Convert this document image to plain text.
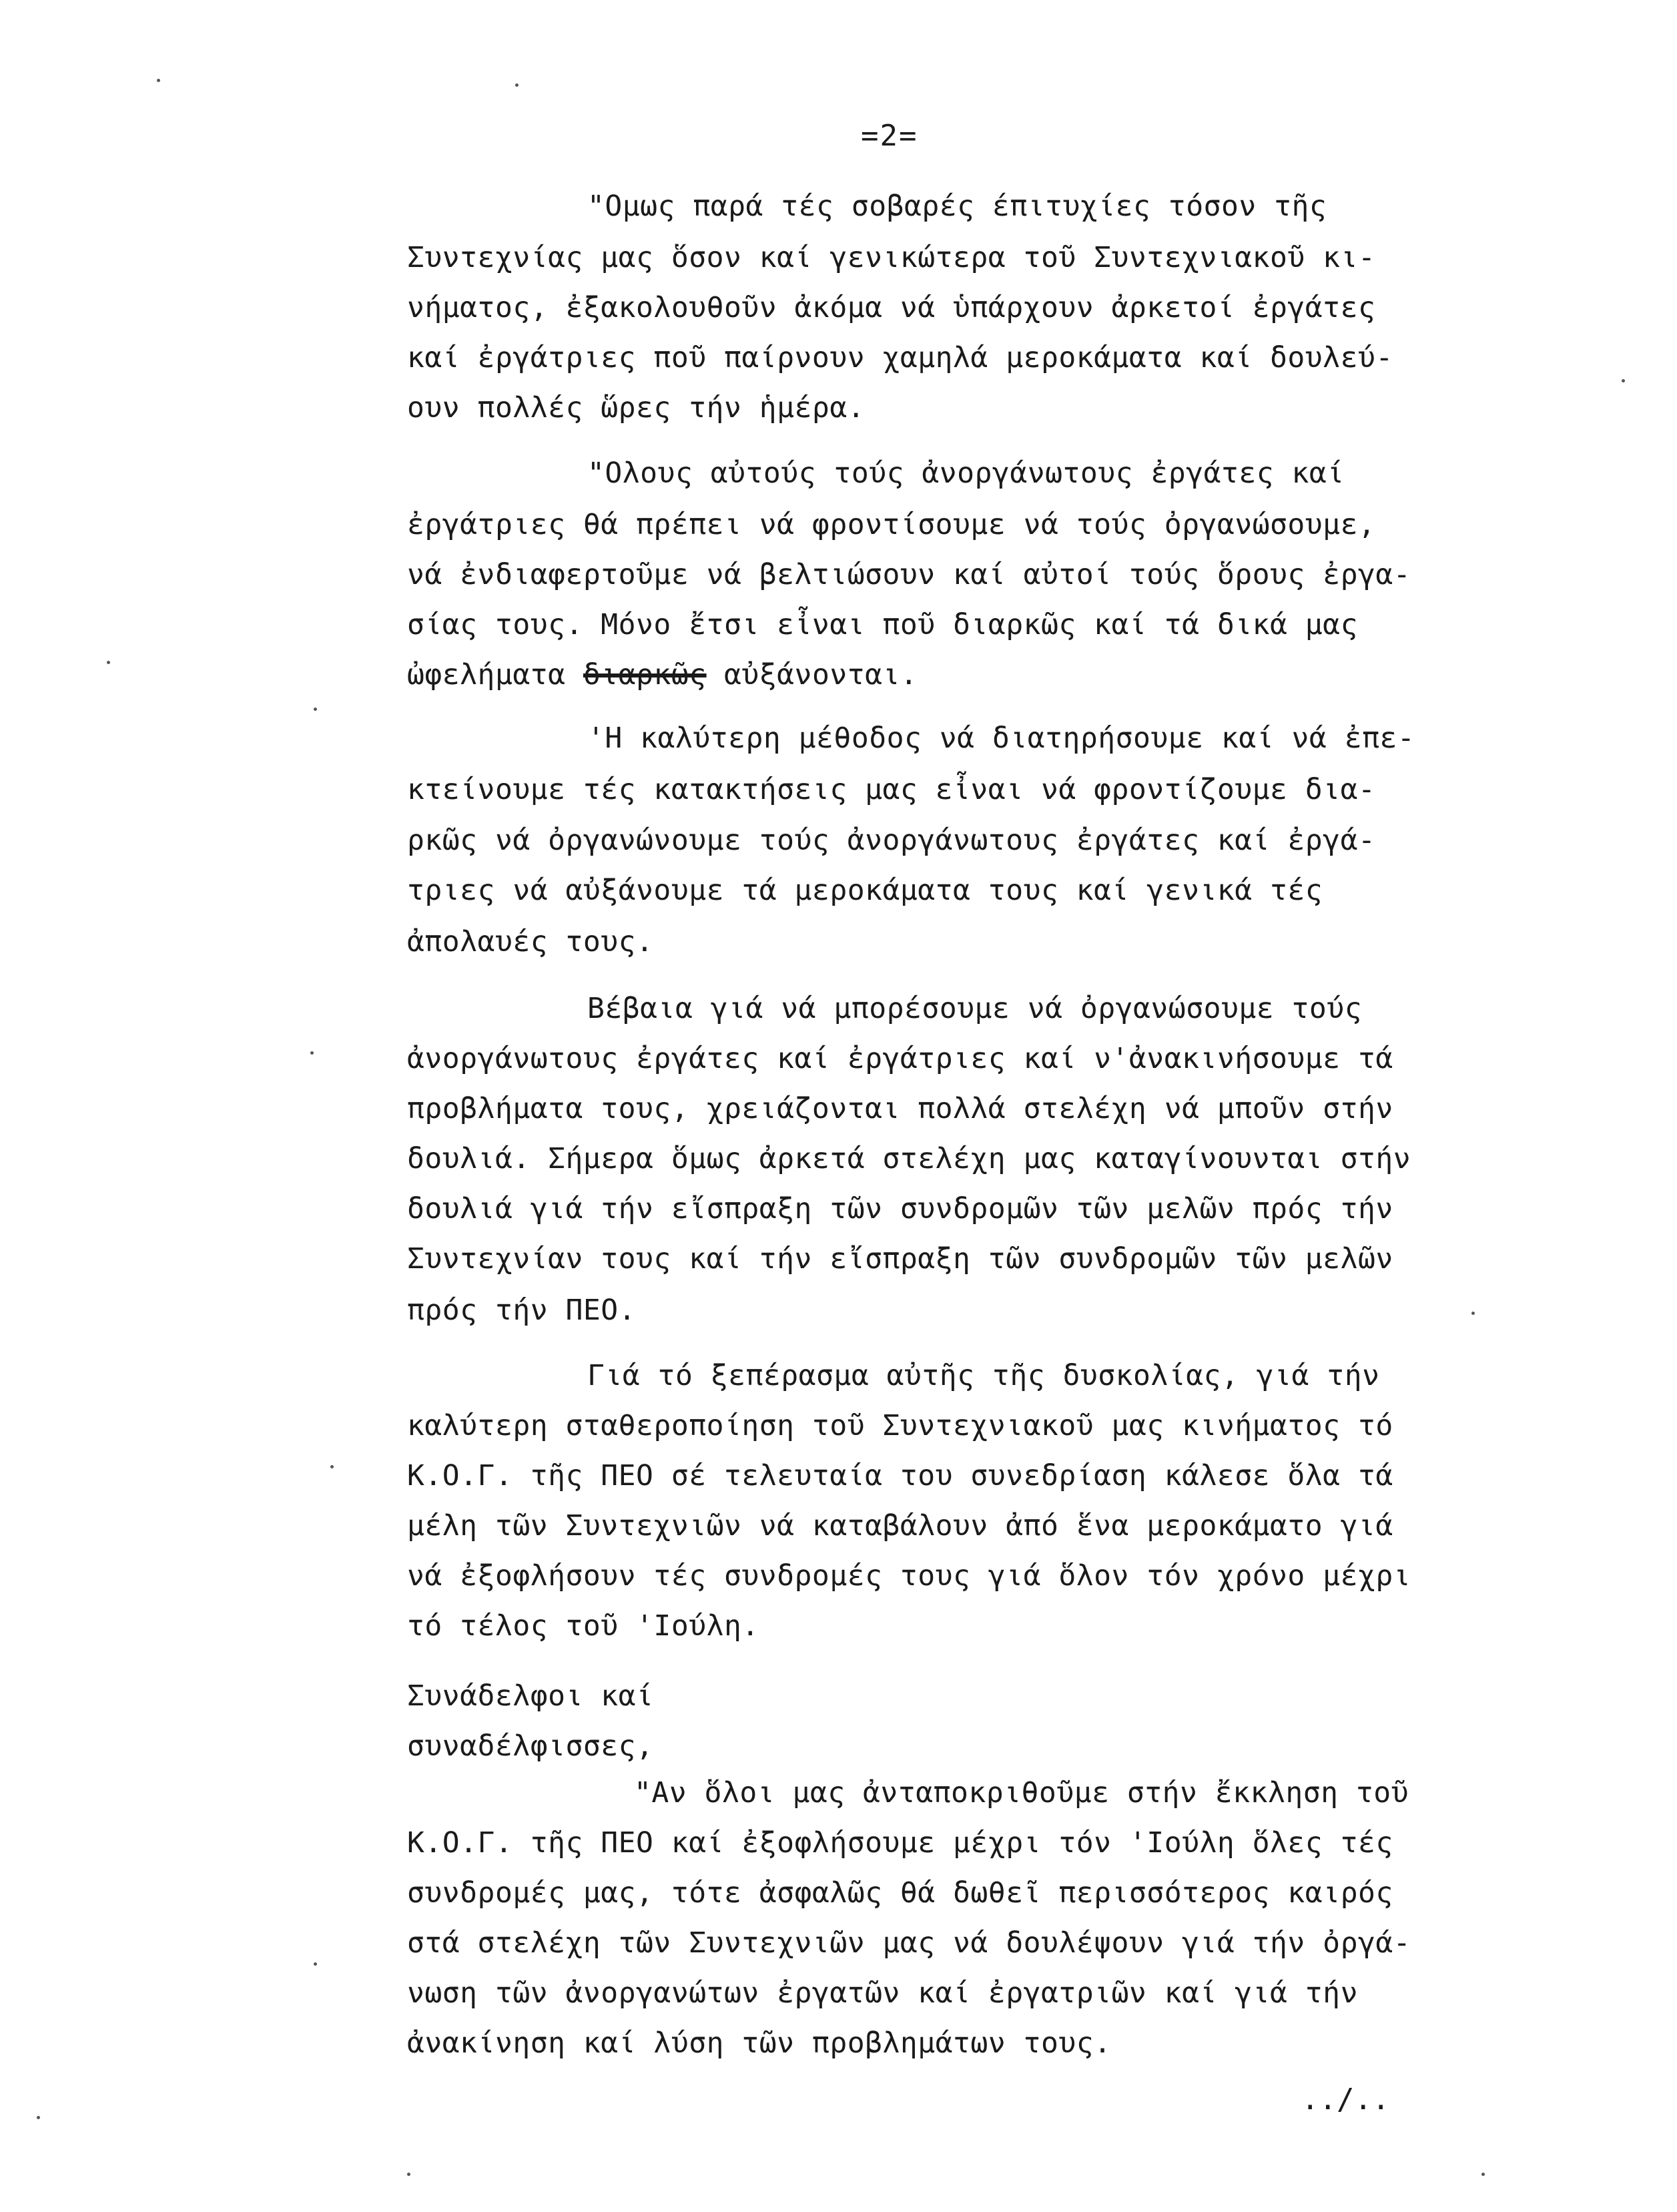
=2=
"Ομως παρά τές σοβαρές έπιτυχίες τόσον τῆς
Συντεχνίας μας ὅσον καί γενικώτερα τοῦ Συντεχνιακοῦ κι-
νήματος, ἐξακολουθοῦν ἀκόμα νά ὑπάρχουν ἀρκετοί ἐργάτες
καί ἐργάτριες ποῦ παίρνουν χαμηλά μεροκάματα καί δουλεύ-
ουν πολλές ὥρες τήν ἡμέρα.
"Ολους αὐτούς τούς ἀνοργάνωτους ἐργάτες καί
ἐργάτριες θά πρέπει νά φροντίσουμε νά τούς ὀργανώσουμε,
νά ἐνδιαφερτοῦμε νά βελτιώσουν καί αὐτοί τούς ὅρους ἐργα-
σίας τους. Μόνο ἔτσι εἶναι ποῦ διαρκῶς καί τά δικά μας
ὠφελήματα διαρκῶς αὐξάνονται.
'Η καλύτερη μέθοδος νά διατηρήσουμε καί νά ἐπε-
κτείνουμε τές κατακτήσεις μας εἶναι νά φροντίζουμε δια-
ρκῶς νά ὀργανώνουμε τούς ἀνοργάνωτους ἐργάτες καί ἐργά-
τριες νά αὐξάνουμε τά μεροκάματα τους καί γενικά τές
ἀπολαυές τους.
Βέβαια γιά νά μπορέσουμε νά ὀργανώσουμε τούς
ἀνοργάνωτους ἐργάτες καί ἐργάτριες καί ν'ἀνακινήσουμε τά
προβλήματα τους, χρειάζονται πολλά στελέχη νά μποῦν στήν
δουλιά. Σήμερα ὅμως ἀρκετά στελέχη μας καταγίνουνται στήν
δουλιά γιά τήν εἴσπραξη τῶν συνδρομῶν τῶν μελῶν πρός τήν
Συντεχνίαν τους καί τήν εἴσπραξη τῶν συνδρομῶν τῶν μελῶν
πρός τήν ΠΕΟ.
Γιά τό ξεπέρασμα αὐτῆς τῆς δυσκολίας, γιά τήν
καλύτερη σταθεροποίηση τοῦ Συντεχνιακοῦ μας κινήματος τό
Κ.Ο.Γ. τῆς ΠΕΟ σέ τελευταία του συνεδρίαση κάλεσε ὅλα τά
μέλη τῶν Συντεχνιῶν νά καταβάλουν ἀπό ἕνα μεροκάματο γιά
νά ἐξοφλήσουν τές συνδρομές τους γιά ὅλον τόν χρόνο μέχρι
τό τέλος τοῦ 'Ιούλη.
Συνάδελφοι καί
συναδέλφισσες,
"Αν ὅλοι μας ἀνταποκριθοῦμε στήν ἔκκληση τοῦ
Κ.Ο.Γ. τῆς ΠΕΟ καί ἐξοφλήσουμε μέχρι τόν 'Ιούλη ὅλες τές
συνδρομές μας, τότε ἀσφαλῶς θά δωθεῖ περισσότερος καιρός
στά στελέχη τῶν Συντεχνιῶν μας νά δουλέψουν γιά τήν ὀργά-
νωση τῶν ἀνοργανώτων ἐργατῶν καί ἐργατριῶν καί γιά τήν
ἀνακίνηση καί λύση τῶν προβλημάτων τους.
../..
